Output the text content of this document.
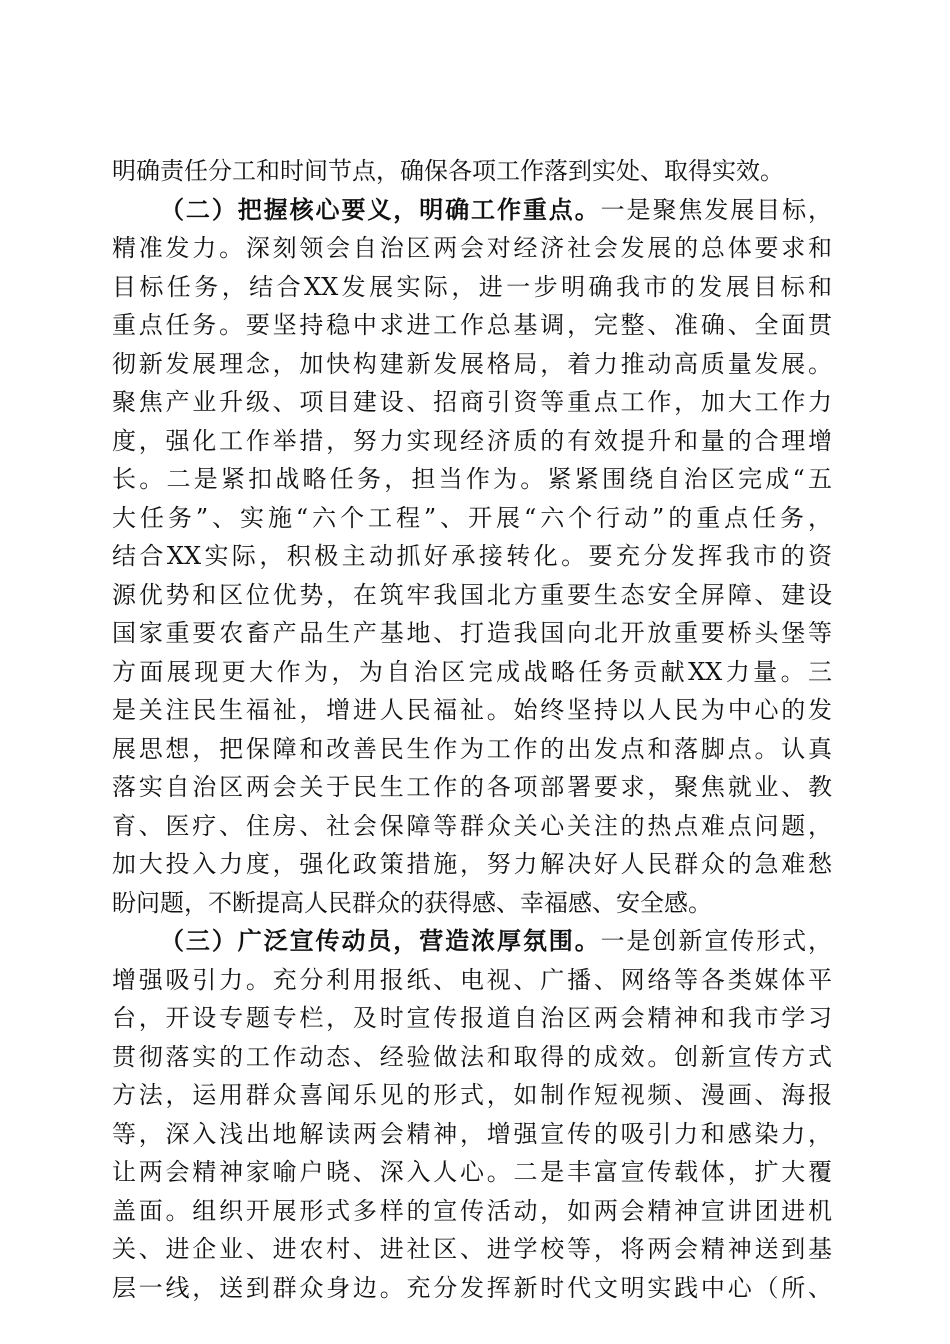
明确责任分工和时间节点，确保各项工作落到实处、取得实效。
（二）把握核心要义，明确工作重点。一是聚焦发展目标，
精准发力。深刻领会自治区两会对经济社会发展的总体要求和
目标任务，结合XX发展实际，进一步明确我市的发展目标和
重点任务。要坚持稳中求进工作总基调，完整、准确、全面贯
彻新发展理念，加快构建新发展格局，着力推动高质量发展。
聚焦产业升级、项目建设、招商引资等重点工作，加大工作力
度，强化工作举措，努力实现经济质的有效提升和量的合理增
长。二是紧扣战略任务，担当作为。紧紧围绕自治区完成“五
大任务”、实施“六个工程”、开展“六个行动”的重点任务，
结合XX实际，积极主动抓好承接转化。要充分发挥我市的资
源优势和区位优势，在筑牢我国北方重要生态安全屏障、建设
国家重要农畜产品生产基地、打造我国向北开放重要桥头堡等
方面展现更大作为，为自治区完成战略任务贡献XX力量。三
是关注民生福祉，增进人民福祉。始终坚持以人民为中心的发
展思想，把保障和改善民生作为工作的出发点和落脚点。认真
落实自治区两会关于民生工作的各项部署要求，聚焦就业、教
育、医疗、住房、社会保障等群众关心关注的热点难点问题，
加大投入力度，强化政策措施，努力解决好人民群众的急难愁
盼问题，不断提高人民群众的获得感、幸福感、安全感。
（三）广泛宣传动员，营造浓厚氛围。一是创新宣传形式，
增强吸引力。充分利用报纸、电视、广播、网络等各类媒体平
台，开设专题专栏，及时宣传报道自治区两会精神和我市学习
贯彻落实的工作动态、经验做法和取得的成效。创新宣传方式
方法，运用群众喜闻乐见的形式，如制作短视频、漫画、海报
等，深入浅出地解读两会精神，增强宣传的吸引力和感染力，
让两会精神家喻户晓、深入人心。二是丰富宣传载体，扩大覆
盖面。组织开展形式多样的宣传活动，如两会精神宣讲团进机
关、进企业、进农村、进社区、进学校等，将两会精神送到基
层一线，送到群众身边。充分发挥新时代文明实践中心（所、
